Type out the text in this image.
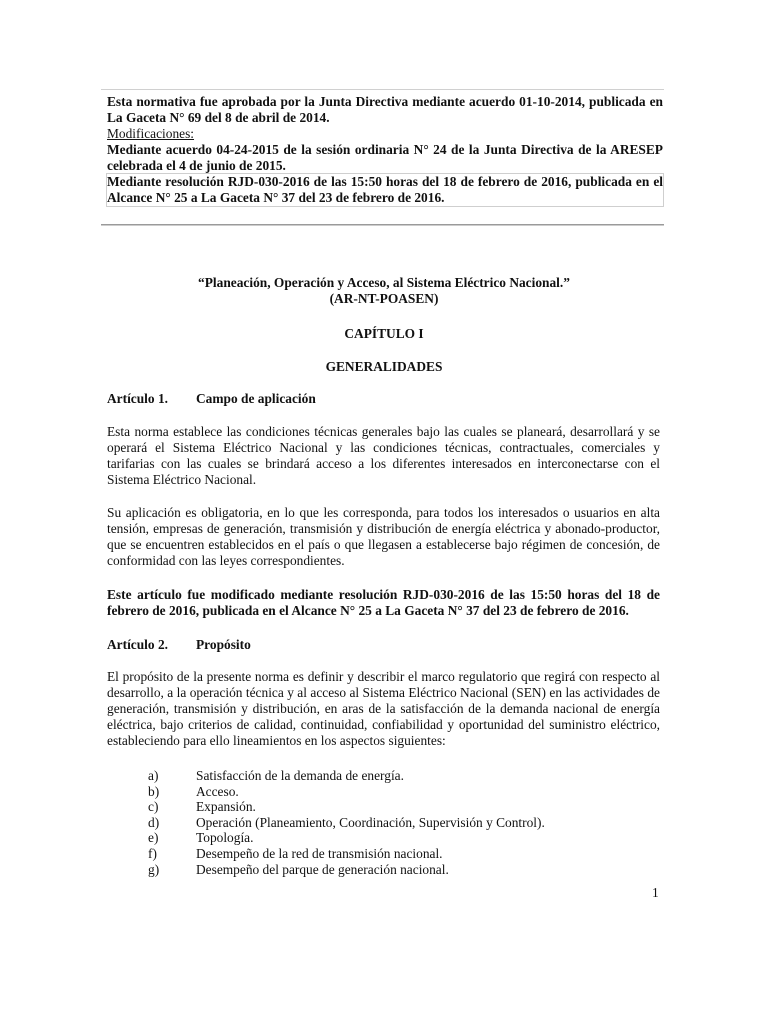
Esta normativa fue aprobada por la Junta Directiva mediante acuerdo 01-10-2014, publicada en La Gaceta N° 69 del 8 de abril de 2014.

Modificaciones:

Mediante acuerdo 04-24-2015 de la sesión ordinaria N° 24 de la Junta Directiva de la ARESEP celebrada el 4 de junio de 2015.

Mediante resolución RJD-030-2016 de las 15:50 horas del 18 de febrero de 2016, publicada en el Alcance N° 25 a La Gaceta N° 37 del 23 de febrero de 2016.

“Planeación, Operación y Acceso, al Sistema Eléctrico Nacional.”
(AR-NT-POASEN)
CAPÍTULO I
GENERALIDADES
Artículo 1. Campo de aplicación

Esta norma establece las condiciones técnicas generales bajo las cuales se planeará, desarrollará y se operará el Sistema Eléctrico Nacional y las condiciones técnicas, contractuales, comerciales y tarifarias con las cuales se brindará acceso a los diferentes interesados en interconectarse con el Sistema Eléctrico Nacional.

Su aplicación es obligatoria, en lo que les corresponda, para todos los interesados o usuarios en alta tensión, empresas de generación, transmisión y distribución de energía eléctrica y abonado-productor, que se encuentren establecidos en el país o que llegasen a establecerse bajo régimen de concesión, de conformidad con las leyes correspondientes.

Este artículo fue modificado mediante resolución RJD-030-2016 de las 15:50 horas del 18 de febrero de 2016, publicada en el Alcance N° 25 a La Gaceta N° 37 del 23 de febrero de 2016.

Artículo 2. Propósito

El propósito de la presente norma es definir y describir el marco regulatorio que regirá con respecto al desarrollo, a la operación técnica y al acceso al Sistema Eléctrico Nacional (SEN) en las actividades de generación, transmisión y distribución, en aras de la satisfacción de la demanda nacional de energía eléctrica, bajo criterios de calidad, continuidad, confiabilidad y oportunidad del suministro eléctrico, estableciendo para ello lineamientos en los aspectos siguientes:

a)	Satisfacción de la demanda de energía.
b)	Acceso.
c)	Expansión.
d)	Operación (Planeamiento, Coordinación, Supervisión y Control).
e)	Topología.
f)	Desempeño de la red de transmisión nacional.
g)	Desempeño del parque de generación nacional.
1
